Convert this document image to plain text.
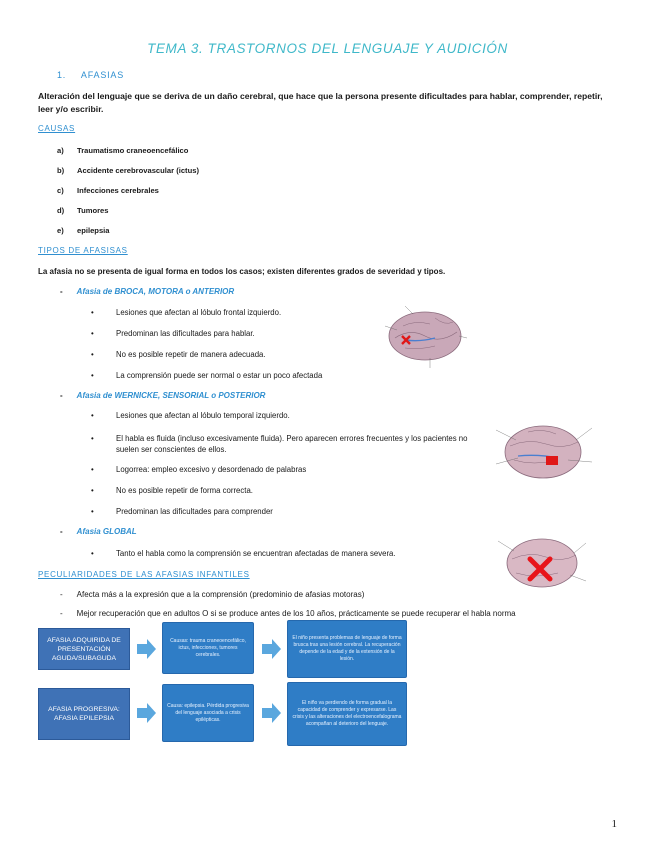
TEMA 3. TRASTORNOS DEL LENGUAJE Y AUDICIÓN
1. AFASIAS
Alteración del lenguaje que se deriva de un daño cerebral, que hace que la persona presente dificultades para hablar, comprender, repetir, leer y/o escribir.
CAUSAS
a) Traumatismo craneoencefálico
b) Accidente cerebrovascular (ictus)
c) Infecciones cerebrales
d) Tumores
e) epilepsia
TIPOS DE AFASISAS
La afasia no se presenta de igual forma en todos los casos; existen diferentes grados de severidad y tipos.
- Afasia de BROCA, MOTORA o ANTERIOR
•	Lesiones que afectan al lóbulo frontal izquierdo.
•	Predominan las dificultades para hablar.
•	No es posible repetir de manera adecuada.
•	La comprensión puede ser normal o estar un poco afectada
- Afasia de WERNICKE, SENSORIAL o POSTERIOR
•	Lesiones que afectan al lóbulo temporal izquierdo.
•	El habla es fluida (incluso excesivamente fluida). Pero aparecen errores frecuentes y los pacientes no suelen ser conscientes de ellos.
•	Logorrea: empleo excesivo y desordenado de palabras
•	No es posible repetir de forma correcta.
•	Predominan las dificultades para comprender
- Afasia GLOBAL
•	Tanto el habla como la comprensión se encuentran afectadas de manera severa.
PECULIARIDADES DE LAS AFASIAS INFANTILES
- Afecta más a la expresión que a la comprensión (predominio de afasias motoras)
- Mejor recuperación que en adultos O si se produce antes de los 10 años, prácticamente se puede recuperar el habla norma
AFASIA ADQUIRIDA DE PRESENTACIÓN AGUDA/SUBAGUDA
Causas: trauma craneoencefálico, ictus, infecciones, tumores cerebrales.
El niño presenta problemas de lenguaje de forma brusca tras una lesión cerebral. La recuperación depende de la edad y de la extensión de la lesión.
AFASIA PROGRESIVA: AFASIA EPILEPSIA
Causa: epilepsia. Pérdida progresiva del lenguaje asociada a crisis epilépticas.
El niño va perdiendo de forma gradual la capacidad de comprender y expresarse. Las crisis y las alteraciones del electroencefalograma acompañan al deterioro del lenguaje.
1
